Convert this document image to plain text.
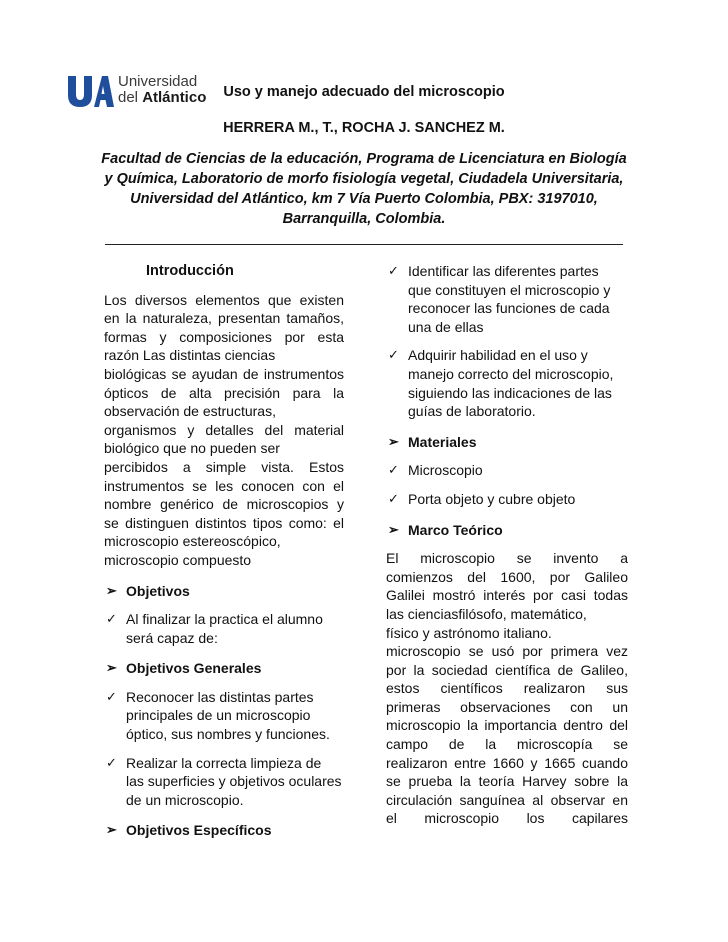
Universidad
del Atlántico	Uso y manejo adecuado del microscopio
HERRERA M., T., ROCHA J. SANCHEZ M.
Facultad de Ciencias de la educación, Programa de Licenciatura en Biología
y Química, Laboratorio de morfo fisiología vegetal, Ciudadela Universitaria,
Universidad del Atlántico, km 7 Vía Puerto Colombia, PBX: 3197010,
Barranquilla, Colombia.
Introducción
Los diversos elementos que existen
en la naturaleza, presentan tamaños,
formas y composiciones por esta
razón Las distintas ciencias
biológicas se ayudan de instrumentos
ópticos de alta precisión para la
observación de estructuras,
organismos y detalles del material
biológico que no pueden ser
percibidos a simple vista. Estos
instrumentos se les conocen con el
nombre genérico de microscopios y
se distinguen distintos tipos como: el
microscopio estereoscópico,
microscopio compuesto
➢ Objetivos
✓ Al finalizar la practica el alumno
será capaz de:
➢ Objetivos Generales
✓ Reconocer las distintas partes
principales de un microscopio
óptico, sus nombres y funciones.
✓ Realizar la correcta limpieza de
las superficies y objetivos oculares
de un microscopio.
➢ Objetivos Específicos
✓ Identificar las diferentes partes
que constituyen el microscopio y
reconocer las funciones de cada
una de ellas
✓ Adquirir habilidad en el uso y
manejo correcto del microscopio,
siguiendo las indicaciones de las
guías de laboratorio.
➢ Materiales
✓ Microscopio
✓ Porta objeto y cubre objeto
➢ Marco Teórico
El microscopio se invento a
comienzos del 1600, por Galileo
Galilei mostró interés por casi todas
las cienciasfilósofo, matemático,
físico y astrónomo italiano.
microscopio se usó por primera vez
por la sociedad científica de Galileo,
estos científicos realizaron sus
primeras observaciones con un
microscopio la importancia dentro del
campo de la microscopía se
realizaron entre 1660 y 1665 cuando
se prueba la teoría Harvey sobre la
circulación sanguínea al observar en
el microscopio los capilares
